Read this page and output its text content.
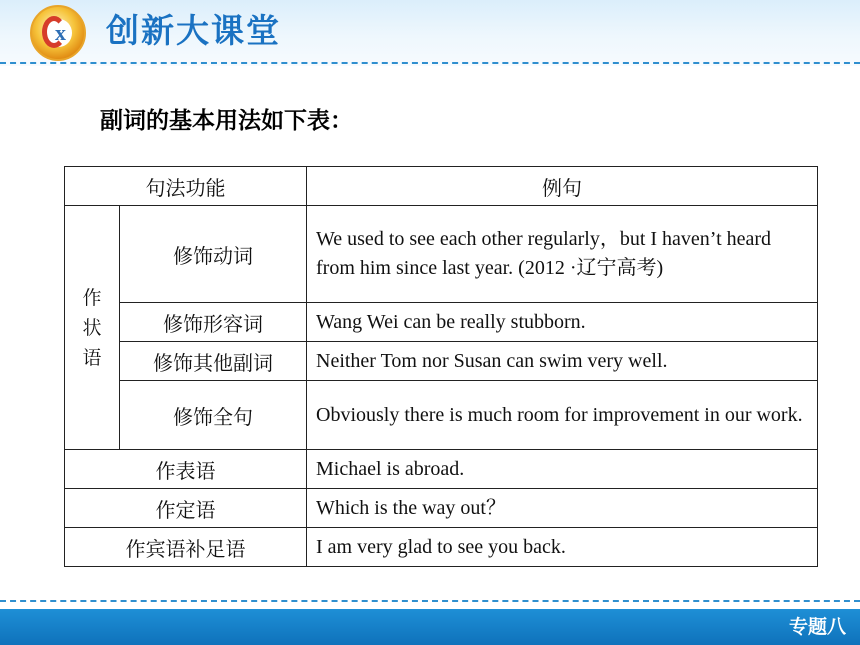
x 创新大课堂
副词的基本用法如下表：
句法功能		例句

作状语	修饰动词	We used to see each other regularly，but I haven’t heard from him since last year. (2012 ·辽宁高考)
	修饰形容词	Wang Wei can be really stubborn.
	修饰其他副词	Neither Tom nor Susan can swim very well.
	修饰全句	Obviously there is much room for improvement in our work.
作表语		Michael is abroad.
作定语		Which is the way out？
作宾语补足语		I am very glad to see you back.
专题八
